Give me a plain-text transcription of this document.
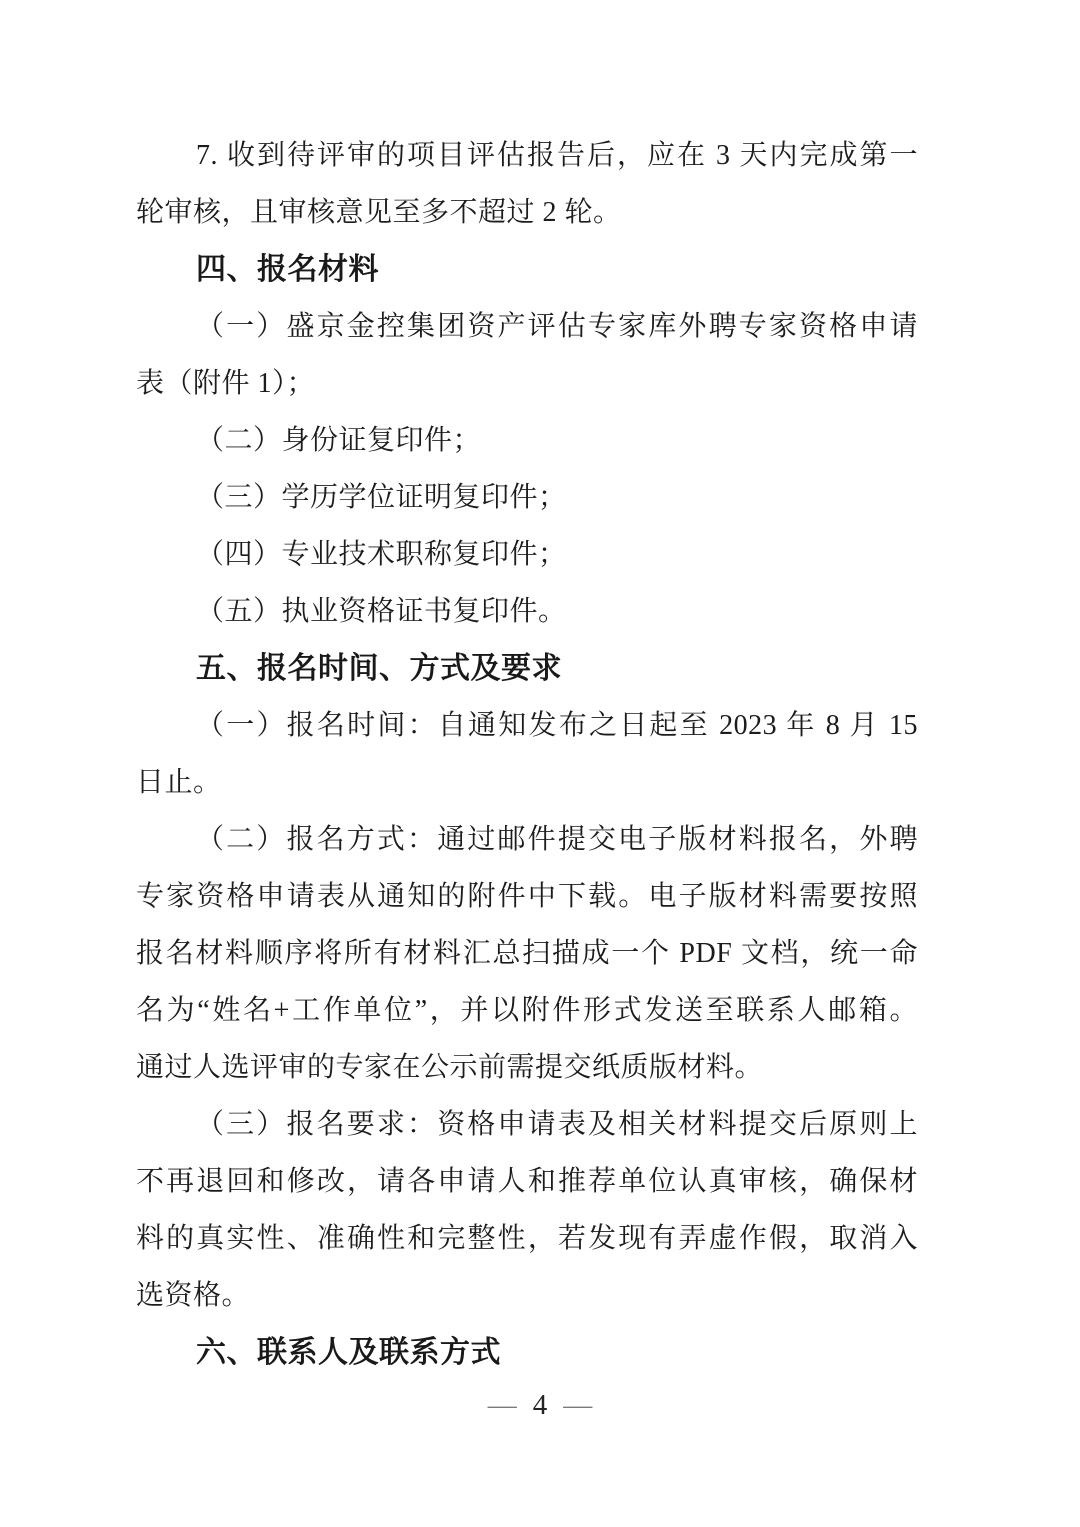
7. 收到待评审的项目评估报告后，应在 3 天内完成第一
轮审核，且审核意见至多不超过 2 轮。
四、报名材料
（一）盛京金控集团资产评估专家库外聘专家资格申请
表（附件 1）；
（二）身份证复印件；
（三）学历学位证明复印件；
（四）专业技术职称复印件；
（五）执业资格证书复印件。
五、报名时间、方式及要求
（一）报名时间：自通知发布之日起至 2023 年 8 月 15
日止。
（二）报名方式：通过邮件提交电子版材料报名，外聘
专家资格申请表从通知的附件中下载。电子版材料需要按照
报名材料顺序将所有材料汇总扫描成一个 PDF 文档，统一命
名为“姓名+工作单位”，并以附件形式发送至联系人邮箱。
通过人选评审的专家在公示前需提交纸质版材料。
（三）报名要求：资格申请表及相关材料提交后原则上
不再退回和修改，请各申请人和推荐单位认真审核，确保材
料的真实性、准确性和完整性，若发现有弄虚作假，取消入
选资格。
六、联系人及联系方式
— 4 —
